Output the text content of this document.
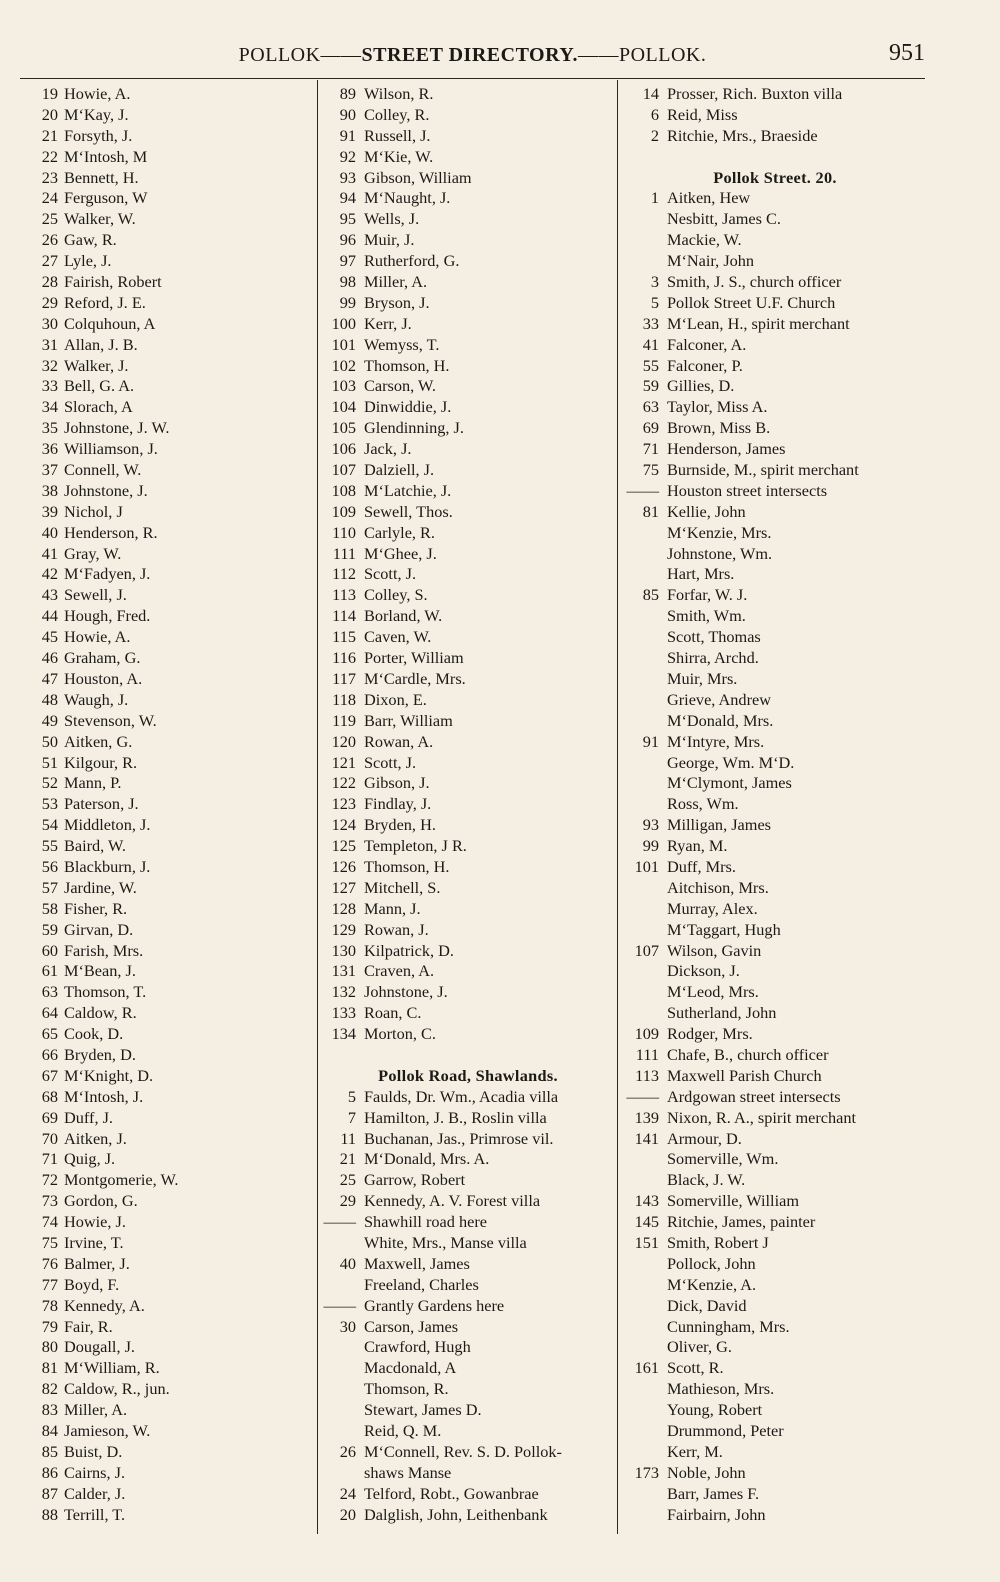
POLLOK——STREET DIRECTORY.——POLLOK.	951
19 Howie, A.
20 M‘Kay, J.
21 Forsyth, J.
22 M‘Intosh, M
23 Bennett, H.
24 Ferguson, W
25 Walker, W.
26 Gaw, R.
27 Lyle, J.
28 Fairish, Robert
29 Reford, J. E.
30 Colquhoun, A
31 Allan, J. B.
32 Walker, J.
33 Bell, G. A.
34 Slorach, A
35 Johnstone, J. W.
36 Williamson, J.
37 Connell, W.
38 Johnstone, J.
39 Nichol, J
40 Henderson, R.
41 Gray, W.
42 M‘Fadyen, J.
43 Sewell, J.
44 Hough, Fred.
45 Howie, A.
46 Graham, G.
47 Houston, A.
48 Waugh, J.
49 Stevenson, W.
50 Aitken, G.
51 Kilgour, R.
52 Mann, P.
53 Paterson, J.
54 Middleton, J.
55 Baird, W.
56 Blackburn, J.
57 Jardine, W.
58 Fisher, R.
59 Girvan, D.
60 Farish, Mrs.
61 M‘Bean, J.
63 Thomson, T.
64 Caldow, R.
65 Cook, D.
66 Bryden, D.
67 M‘Knight, D.
68 M‘Intosh, J.
69 Duff, J.
70 Aitken, J.
71 Quig, J.
72 Montgomerie, W.
73 Gordon, G.
74 Howie, J.
75 Irvine, T.
76 Balmer, J.
77 Boyd, F.
78 Kennedy, A.
79 Fair, R.
80 Dougall, J.
81 M‘William, R.
82 Caldow, R., jun.
83 Miller, A.
84 Jamieson, W.
85 Buist, D.
86 Cairns, J.
87 Calder, J.
88 Terrill, T.
89 Wilson, R.
90 Colley, R.
91 Russell, J.
92 M‘Kie, W.
93 Gibson, William
94 M‘Naught, J.
95 Wells, J.
96 Muir, J.
97 Rutherford, G.
98 Miller, A.
99 Bryson, J.
100 Kerr, J.
101 Wemyss, T.
102 Thomson, H.
103 Carson, W.
104 Dinwiddie, J.
105 Glendinning, J.
106 Jack, J.
107 Dalziell, J.
108 M‘Latchie, J.
109 Sewell, Thos.
110 Carlyle, R.
111 M‘Ghee, J.
112 Scott, J.
113 Colley, S.
114 Borland, W.
115 Caven, W.
116 Porter, William
117 M‘Cardle, Mrs.
118 Dixon, E.
119 Barr, William
120 Rowan, A.
121 Scott, J.
122 Gibson, J.
123 Findlay, J.
124 Bryden, H.
125 Templeton, J R.
126 Thomson, H.
127 Mitchell, S.
128 Mann, J.
129 Rowan, J.
130 Kilpatrick, D.
131 Craven, A.
132 Johnstone, J.
133 Roan, C.
134 Morton, C.
Pollok Road, Shawlands.
5 Faulds, Dr. Wm., Acadia villa
7 Hamilton, J. B., Roslin villa
11 Buchanan, Jas., Primrose vil.
21 M‘Donald, Mrs. A.
25 Garrow, Robert
29 Kennedy, A. V. Forest villa
—— Shawhill road here
White, Mrs., Manse villa
40 Maxwell, James
Freeland, Charles
—— Grantly Gardens here
30 Carson, James
Crawford, Hugh
Macdonald, A
Thomson, R.
Stewart, James D.
Reid, Q. M.
26 M‘Connell, Rev. S. D. Pollok-
shaws Manse
24 Telford, Robt., Gowanbrae
20 Dalglish, John, Leithenbank
14 Prosser, Rich. Buxton villa
6 Reid, Miss
2 Ritchie, Mrs., Braeside
Pollok Street. 20.
1 Aitken, Hew
Nesbitt, James C.
Mackie, W.
M‘Nair, John
3 Smith, J. S., church officer
5 Pollok Street U.F. Church
33 M‘Lean, H., spirit merchant
41 Falconer, A.
55 Falconer, P.
59 Gillies, D.
63 Taylor, Miss A.
69 Brown, Miss B.
71 Henderson, James
75 Burnside, M., spirit merchant
—— Houston street intersects
81 Kellie, John
M‘Kenzie, Mrs.
Johnstone, Wm.
Hart, Mrs.
85 Forfar, W. J.
Smith, Wm.
Scott, Thomas
Shirra, Archd.
Muir, Mrs.
Grieve, Andrew
M‘Donald, Mrs.
91 M‘Intyre, Mrs.
George, Wm. M‘D.
M‘Clymont, James
Ross, Wm.
93 Milligan, James
99 Ryan, M.
101 Duff, Mrs.
Aitchison, Mrs.
Murray, Alex.
M‘Taggart, Hugh
107 Wilson, Gavin
Dickson, J.
M‘Leod, Mrs.
Sutherland, John
109 Rodger, Mrs.
111 Chafe, B., church officer
113 Maxwell Parish Church
—— Ardgowan street intersects
139 Nixon, R. A., spirit merchant
141 Armour, D.
Somerville, Wm.
Black, J. W.
143 Somerville, William
145 Ritchie, James, painter
151 Smith, Robert J
Pollock, John
M‘Kenzie, A.
Dick, David
Cunningham, Mrs.
Oliver, G.
161 Scott, R.
Mathieson, Mrs.
Young, Robert
Drummond, Peter
Kerr, M.
173 Noble, John
Barr, James F.
Fairbairn, John
